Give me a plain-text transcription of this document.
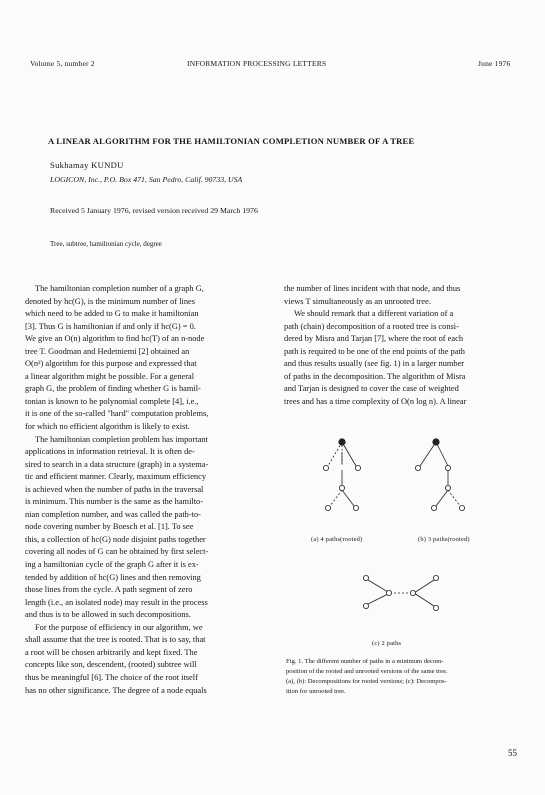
Volume 5, number 2	INFORMATION PROCESSING LETTERS	June 1976
A LINEAR ALGORITHM FOR THE HAMILTONIAN COMPLETION NUMBER OF A TREE
Sukhamay KUNDU
LOGICON, Inc., P.O. Box 471, San Pedro, Calif. 90733, USA
Received 5 January 1976, revised version received 29 March 1976
Tree, subtree, hamiltonian cycle, degree
The hamiltonian completion number of a graph G,
denoted by hc(G), is the minimum number of lines
which need to be added to G to make it hamiltonian
[3]. Thus G is hamiltonian if and only if hc(G) = 0.
We give an O(n) algorithm to find hc(T) of an n-node
tree T. Goodman and Hedetniemi [2] obtained an
O(n²) algorithm for this purpose and expressed that
a linear algorithm might be possible. For a general
graph G, the problem of finding whether G is hamil-
tonian is known to be polynomial complete [4], i.e.,
it is one of the so-called "hard" computation problems,
for which no efficient algorithm is likely to exist.
The hamiltonian completion problem has important
applications in information retrieval. It is often de-
sired to search in a data structure (graph) in a systema-
tic and efficient manner. Clearly, maximum efficiency
is achieved when the number of paths in the traversal
is minimum. This number is the same as the hamilto-
nian completion number, and was called the path-to-
node covering number by Boesch et al. [1]. To see
this, a collection of hc(G) node disjoint paths together
covering all nodes of G can be obtained by first select-
ing a hamiltonian cycle of the graph G after it is ex-
tended by addition of hc(G) lines and then removing
those lines from the cycle. A path segment of zero
length (i.e., an isolated node) may result in the process
and thus is to be allowed in such decompositions.
For the purpose of efficiency in our algorithm, we
shall assume that the tree is rooted. That is to say, that
a root will be chosen arbitrarily and kept fixed. The
concepts like son, descendent, (rooted) subtree will
thus be meaningful [6]. The choice of the root itself
has no other significance. The degree of a node equals
the number of lines incident with that node, and thus
views T simultaneously as an unrooted tree.
We should remark that a different variation of a
path (chain) decomposition of a rooted tree is consi-
dered by Misra and Tarjan [7], where the root of each
path is required to be one of the end points of the path
and thus results usually (see fig. 1) in a larger number
of paths in the decomposition. The algorithm of Misra
and Tarjan is designed to cover the case of weighted
trees and has a time complexity of O(n log n). A linear
(a) 4 paths(rooted)	(b) 3 paths(rooted)
(c) 2 paths
Fig. 1. The different number of paths in a minimum decom-
position of the rooted and unrooted versions of the same tree.
(a), (b): Decompositions for rooted versions; (c): Decompos-
ition for unrooted tree.
55
